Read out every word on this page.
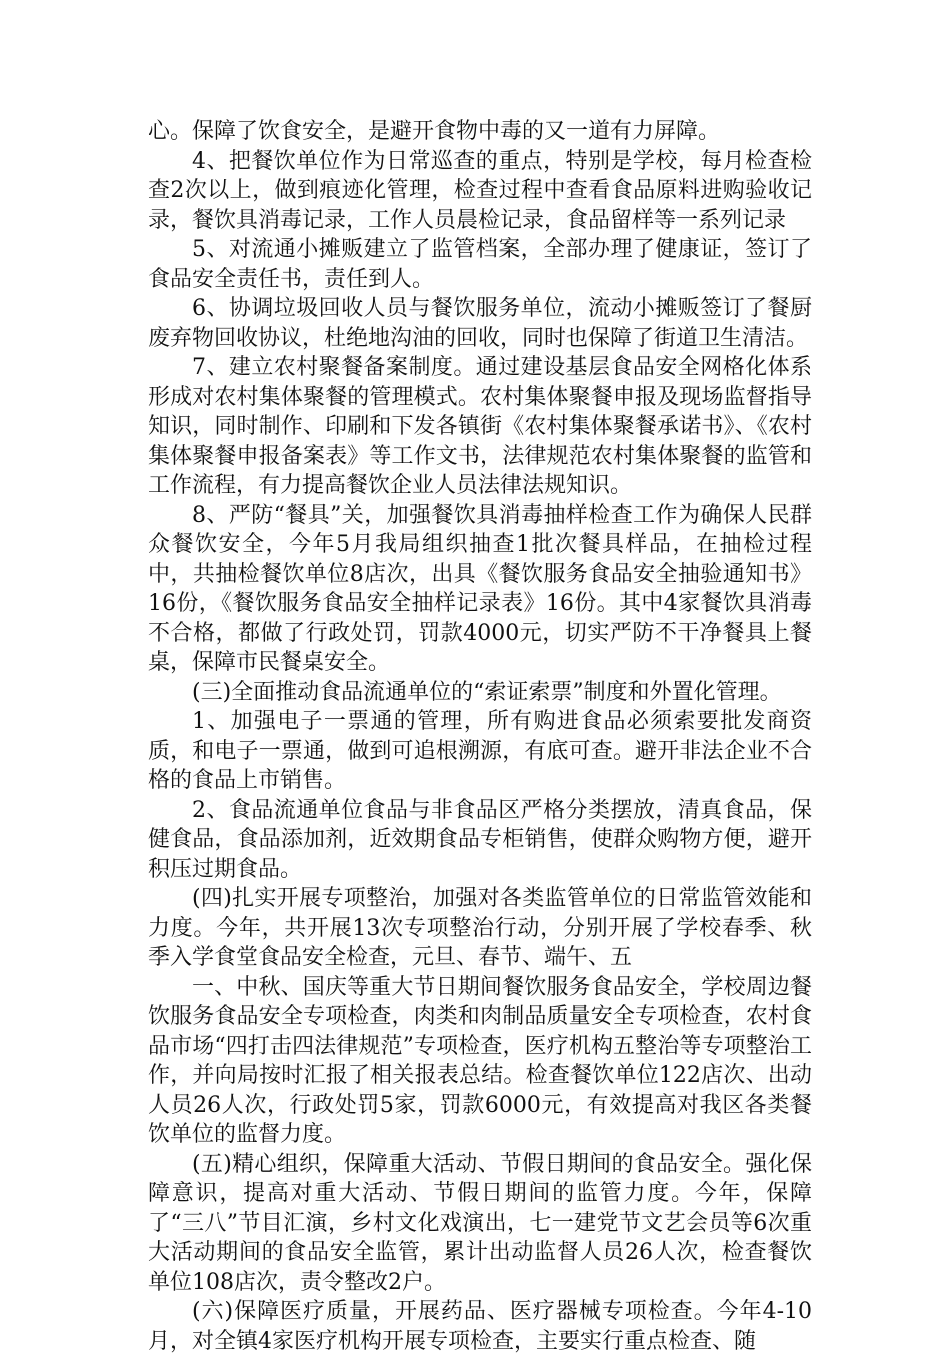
心。保障了饮食安全，是避开食物中毒的又一道有力屏障。

4、把餐饮单位作为日常巡查的重点，特别是学校，每月检查检查2次以上，做到痕迹化管理，检查过程中查看食品原料进购验收记录，餐饮具消毒记录，工作人员晨检记录，食品留样等一系列记录

5、对流通小摊贩建立了监管档案，全部办理了健康证，签订了食品安全责任书，责任到人。

6、协调垃圾回收人员与餐饮服务单位，流动小摊贩签订了餐厨废弃物回收协议，杜绝地沟油的回收，同时也保障了街道卫生清洁。

7、建立农村聚餐备案制度。通过建设基层食品安全网格化体系形成对农村集体聚餐的管理模式。农村集体聚餐申报及现场监督指导知识，同时制作、印刷和下发各镇街《农村集体聚餐承诺书》、《农村集体聚餐申报备案表》等工作文书，法律规范农村集体聚餐的监管和工作流程，有力提高餐饮企业人员法律法规知识。

8、严防“餐具”关，加强餐饮具消毒抽样检查工作为确保人民群众餐饮安全，今年5月我局组织抽查1批次餐具样品，在抽检过程中，共抽检餐饮单位8店次，出具《餐饮服务食品安全抽验通知书》16份，《餐饮服务食品安全抽样记录表》16份。其中4家餐饮具消毒不合格，都做了行政处罚，罚款4000元，切实严防不干净餐具上餐桌，保障市民餐桌安全。

(三)全面推动食品流通单位的“索证索票”制度和外置化管理。

1、加强电子一票通的管理，所有购进食品必须索要批发商资质，和电子一票通，做到可追根溯源，有底可查。避开非法企业不合格的食品上市销售。

2、食品流通单位食品与非食品区严格分类摆放，清真食品，保健食品，食品添加剂，近效期食品专柜销售，使群众购物方便，避开积压过期食品。

(四)扎实开展专项整治，加强对各类监管单位的日常监管效能和力度。今年，共开展13次专项整治行动，分别开展了学校春季、秋季入学食堂食品安全检查，元旦、春节、端午、五

一、中秋、国庆等重大节日期间餐饮服务食品安全，学校周边餐饮服务食品安全专项检查，肉类和肉制品质量安全专项检查，农村食品市场“四打击四法律规范”专项检查，医疗机构五整治等专项整治工作，并向局按时汇报了相关报表总结。检查餐饮单位122店次、出动人员26人次，行政处罚5家，罚款6000元，有效提高对我区各类餐饮单位的监督力度。

(五)精心组织，保障重大活动、节假日期间的食品安全。强化保障意识，提高对重大活动、节假日期间的监管力度。今年，保障了“三八”节目汇演，乡村文化戏演出，七一建党节文艺会员等6次重大活动期间的食品安全监管，累计出动监督人员26人次，检查餐饮单位108店次，责令整改2户。

(六)保障医疗质量，开展药品、医疗器械专项检查。今年4-10月，对全镇4家医疗机构开展专项检查，主要实行重点检查、随
